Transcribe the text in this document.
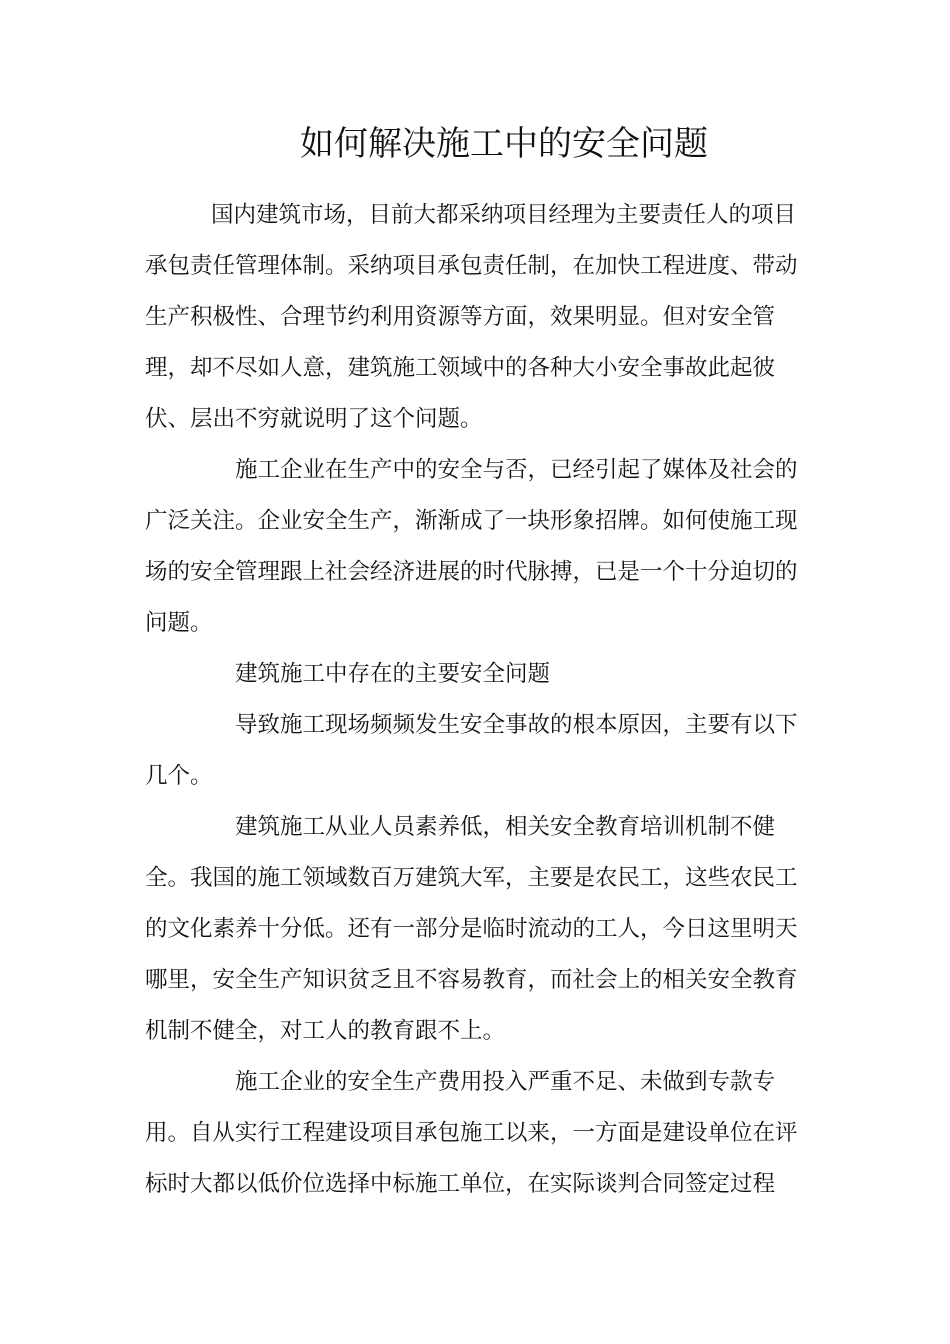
如何解决施工中的安全问题
国内建筑市场，目前大都采纳项目经理为主要责任人的项目
承包责任管理体制。采纳项目承包责任制，在加快工程进度、带动
生产积极性、合理节约利用资源等方面，效果明显。但对安全管
理，却不尽如人意，建筑施工领域中的各种大小安全事故此起彼
伏、层出不穷就说明了这个问题。
施工企业在生产中的安全与否，已经引起了媒体及社会的
广泛关注。企业安全生产，渐渐成了一块形象招牌。如何使施工现
场的安全管理跟上社会经济进展的时代脉搏，已是一个十分迫切的
问题。
建筑施工中存在的主要安全问题
导致施工现场频频发生安全事故的根本原因，主要有以下
几个。
建筑施工从业人员素养低，相关安全教育培训机制不健
全。我国的施工领域数百万建筑大军，主要是农民工，这些农民工
的文化素养十分低。还有一部分是临时流动的工人，今日这里明天
哪里，安全生产知识贫乏且不容易教育，而社会上的相关安全教育
机制不健全，对工人的教育跟不上。
施工企业的安全生产费用投入严重不足、未做到专款专
用。自从实行工程建设项目承包施工以来，一方面是建设单位在评
标时大都以低价位选择中标施工单位，在实际谈判合同签定过程
